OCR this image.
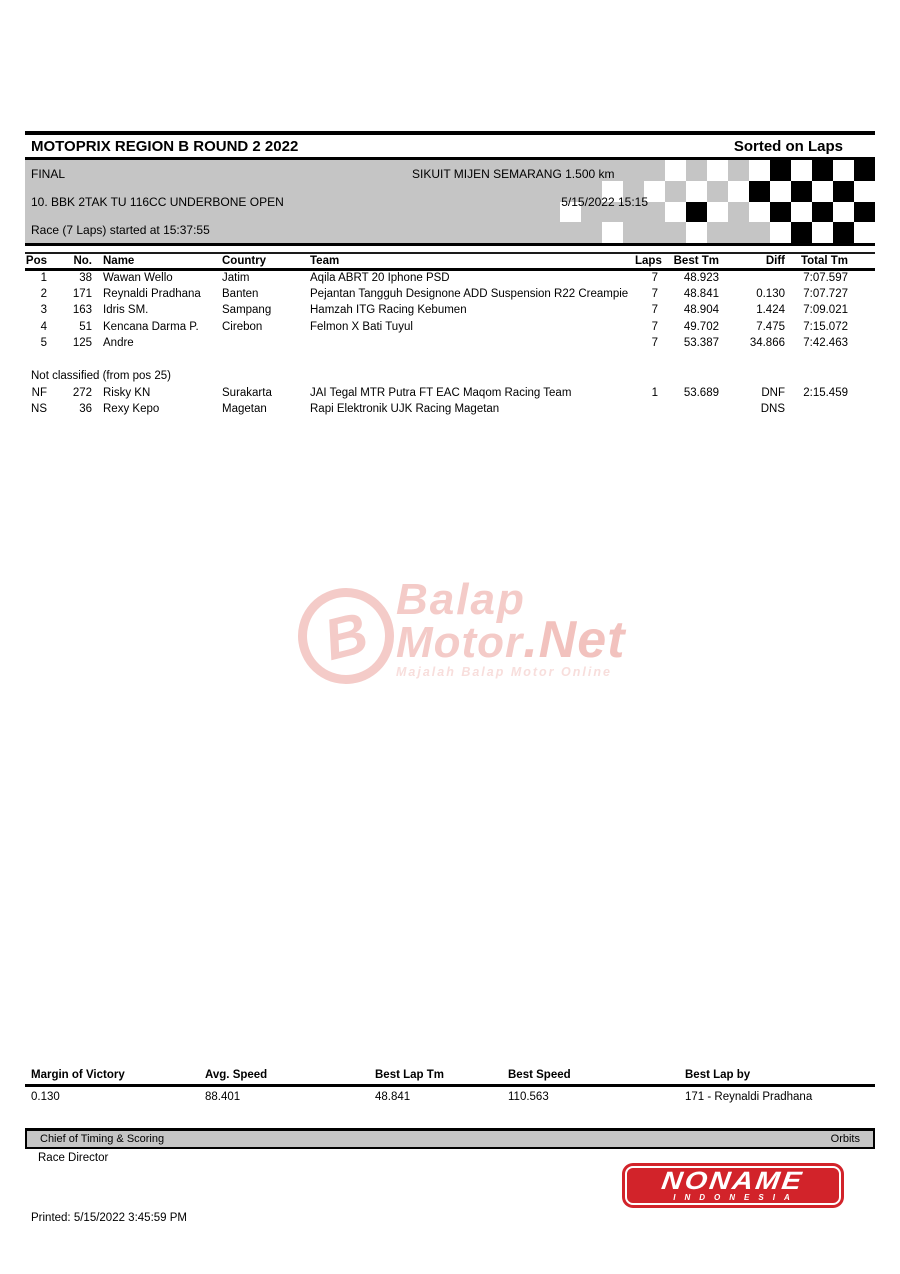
MOTOPRIX REGION B ROUND 2 2022	Sorted on Laps
FINAL	SIKUIT MIJEN SEMARANG 1.500 km
10. BBK 2TAK TU 116CC UNDERBONE OPEN	5/15/2022 15:15
Race (7 Laps) started at 15:37:55
Pos	No.	Name	Country	Team	Laps	Best Tm	Diff	Total Tm	
1	38	Wawan Wello	Jatim	Aqila ABRT 20 Iphone PSD	7	48.923		7:07.597	
2	171	Reynaldi Pradhana	Banten	Pejantan Tangguh Designone ADD Suspension R22 Creampie	7	48.841	0.130	7:07.727	
3	163	Idris SM.	Sampang	Hamzah ITG Racing Kebumen	7	48.904	1.424	7:09.021	
4	51	Kencana Darma P.	Cirebon	Felmon X Bati Tuyul	7	49.702	7.475	7:15.072	
5	125	Andre			7	53.387	34.866	7:42.463	

Not classified (from pos 25)									
NF	272	Risky KN	Surakarta	JAI Tegal MTR Putra FT EAC Maqom Racing Team	1	53.689	DNF	2:15.459	
NS	36	Rexy Kepo	Magetan	Rapi Elektronik UJK Racing Magetan			DNS		
B Balap
Motor.Net
Majalah Balap Motor Online
Margin of Victory	Avg. Speed	Best Lap Tm	Best Speed	Best Lap by
0.130	88.401	48.841	110.563	171 - Reynaldi Pradhana
Chief of Timing & Scoring	Orbits
Race Director
NONAME
INDONESIA
Printed: 5/15/2022 3:45:59 PM
